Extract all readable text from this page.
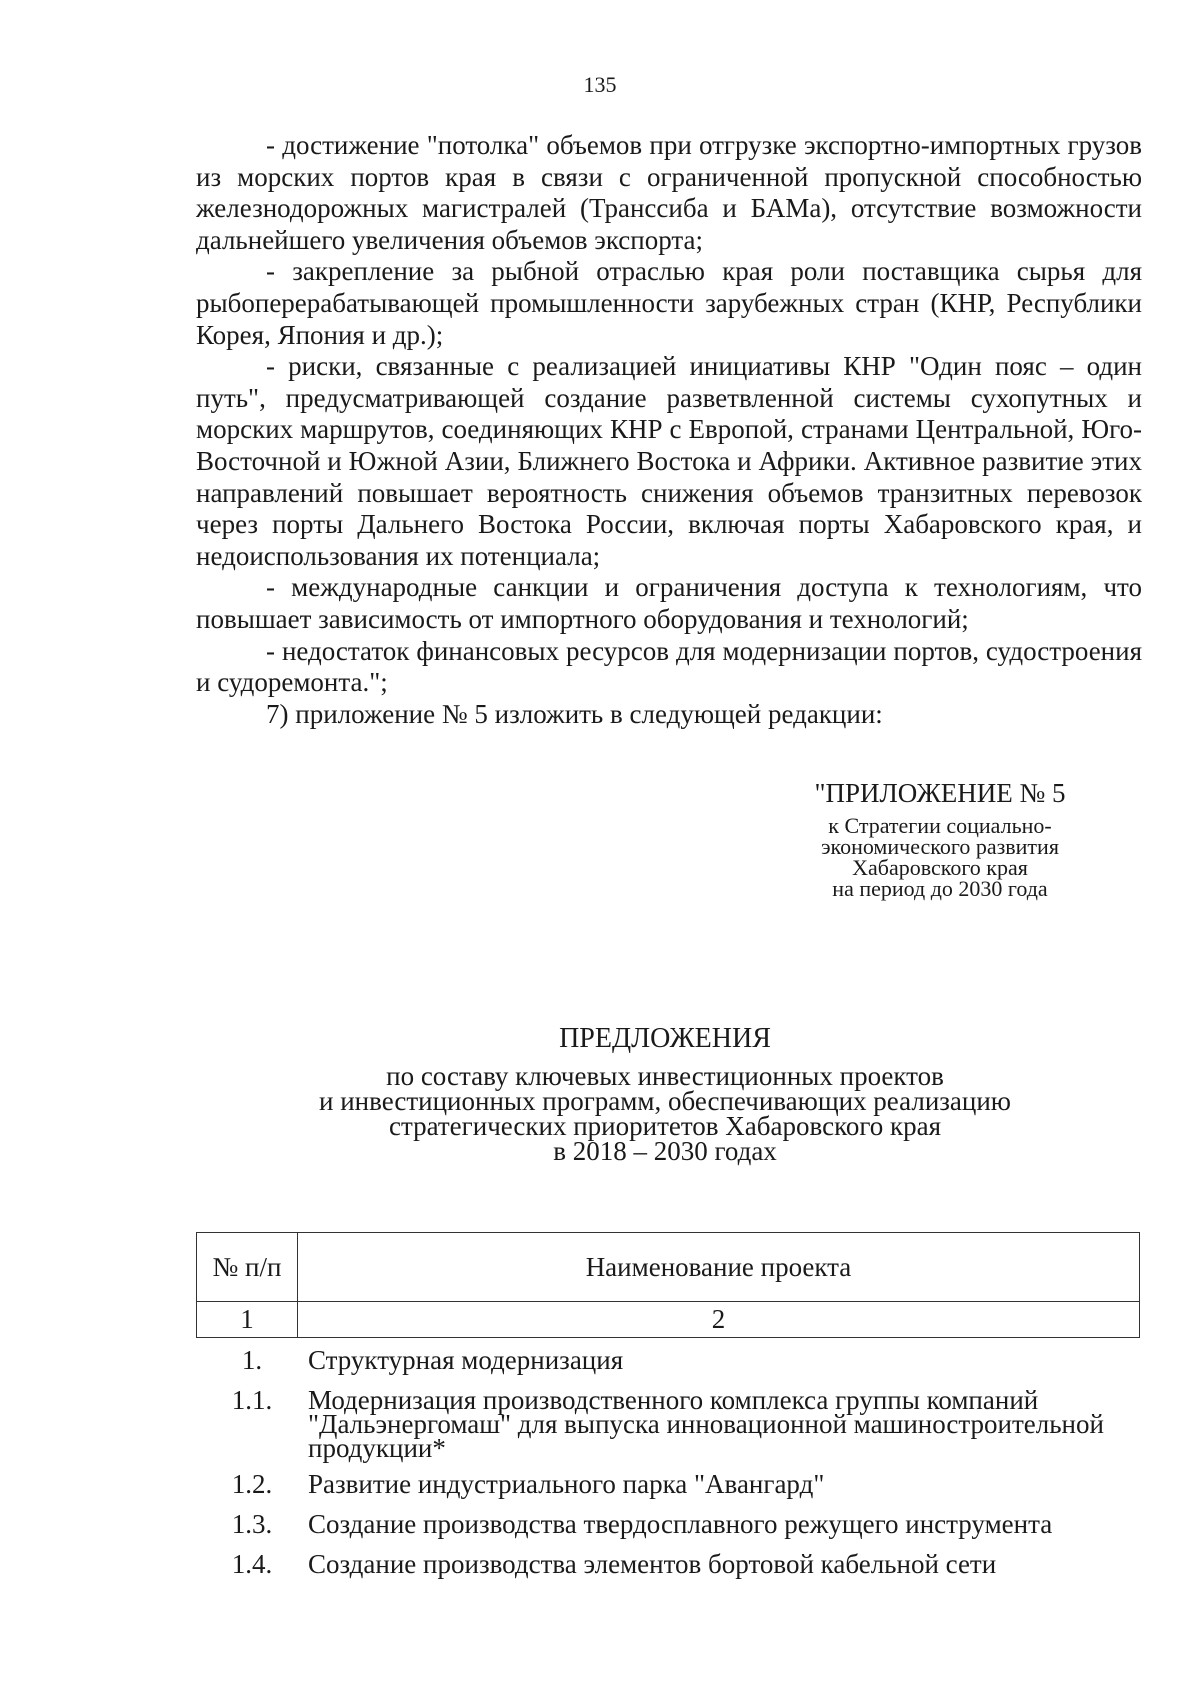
135

- достижение "потолка" объемов при отгрузке экспортно-импортных грузов из морских портов края в связи с ограниченной пропускной способностью железнодорожных магистралей (Транссиба и БАМа), отсутствие возможности дальнейшего увеличения объемов экспорта;

- закрепление за рыбной отраслью края роли поставщика сырья для рыбоперерабатывающей промышленности зарубежных стран (КНР, Республики Корея, Япония и др.);

- риски, связанные с реализацией инициативы КНР "Один пояс – один путь", предусматривающей создание разветвленной системы сухопутных и морских маршрутов, соединяющих КНР с Европой, странами Центральной, Юго-Восточной и Южной Азии, Ближнего Востока и Африки. Активное развитие этих направлений повышает вероятность снижения объемов транзитных перевозок через порты Дальнего Востока России, включая порты Хабаровского края, и недоиспользования их потенциала;

- международные санкции и ограничения доступа к технологиям, что повышает зависимость от импортного оборудования и технологий;

- недостаток финансовых ресурсов для модернизации портов, судостроения и судоремонта.";

7) приложение № 5 изложить в следующей редакции:

"ПРИЛОЖЕНИЕ № 5
к Стратегии социально-
экономического развития
Хабаровского края
на период до 2030 года
ПРЕДЛОЖЕНИЯ
по составу ключевых инвестиционных проектов
и инвестиционных программ, обеспечивающих реализацию
стратегических приоритетов Хабаровского края
в 2018 – 2030 годах
№ п/п	Наименование проекта
1	2
1.	Структурная модернизация
1.1.	Модернизация производственного комплекса группы компаний "Дальэнергомаш" для выпуска инновационной машиностроительной продукции*
1.2.	Развитие индустриального парка "Авангард"
1.3.	Создание производства твердосплавного режущего инструмента
1.4.	Создание производства элементов бортовой кабельной сети
